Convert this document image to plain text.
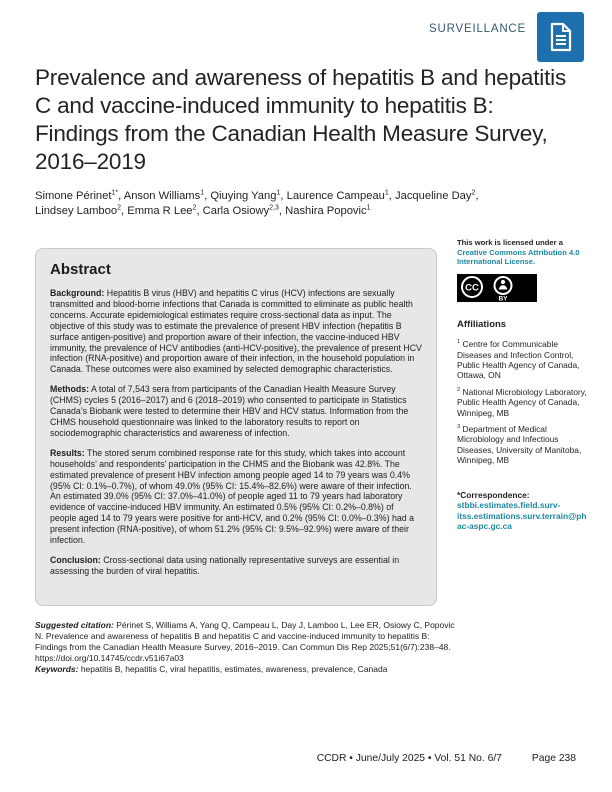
SURVEILLANCE
Prevalence and awareness of hepatitis B and hepatitis C and vaccine-induced immunity to hepatitis B: Findings from the Canadian Health Measure Survey, 2016–2019
Simone Périnet$^{1*}$, Anson Williams$^1$, Qiuying Yang$^1$, Laurence Campeau$^1$, Jacqueline Day$^2$,
Lindsey Lamboo$^2$, Emma R Lee$^2$, Carla Osiowy$^{2,3}$, Nashira Popovic$^1$
Abstract

Background: Hepatitis B virus (HBV) and hepatitis C virus (HCV) infections are sexually transmitted and blood-borne infections that Canada is committed to eliminate as public health concerns. Accurate epidemiological estimates require cross-sectional data as input. The objective of this study was to estimate the prevalence of present HBV infection (hepatitis B surface antigen-positive) and proportion aware of their infection, the vaccine-induced HBV immunity, the prevalence of HCV antibodies (anti-HCV-positive), the prevalence of present HCV infection (RNA-positive) and proportion aware of their infection, in the household population in Canada. These outcomes were also examined by selected demographic characteristics.

Methods: A total of 7,543 sera from participants of the Canadian Health Measure Survey (CHMS) cycles 5 (2016–2017) and 6 (2018–2019) who consented to participate in Statistics Canada’s Biobank were tested to determine their HBV and HCV status. Information from the CHMS household questionnaire was linked to the laboratory results to report on sociodemographic characteristics and awareness of infection.

Results: The stored serum combined response rate for this study, which takes into account households’ and respondents’ participation in the CHMS and the Biobank was 42.8%. The estimated prevalence of present HBV infection among people aged 14 to 79 years was 0.4% (95% CI: 0.1%–0.7%), of whom 49.0% (95% CI: 15.4%–82.6%) were aware of their infection. An estimated 39.0% (95% CI: 37.0%–41.0%) of people aged 11 to 79 years had laboratory evidence of vaccine-induced HBV immunity. An estimated 0.5% (95% CI: 0.2%–0.8%) of people aged 14 to 79 years were positive for anti-HCV, and 0.2% (95% CI: 0.0%–0.3%) had a present infection (RNA-positive), of whom 51.2% (95% CI: 9.5%–92.9%) were aware of their infection.

Conclusion: Cross-sectional data using nationally representative surveys are essential in assessing the burden of viral hepatitis.

This work is licensed under a Creative Commons Attribution 4.0 International License.
CC
BY
Affiliations
$^1$ Centre for Communicable Diseases and Infection Control, Public Health Agency of Canada, Ottawa, ON
$^2$ National Microbiology Laboratory, Public Health Agency of Canada, Winnipeg, MB
$^3$ Department of Medical Microbiology and Infectious Diseases, University of Manitoba, Winnipeg, MB
*Correspondence:
stbbi.estimates.field.surv-itss.estimations.surv.terrain@phac-aspc.gc.ca
Suggested citation: Périnet S, Williams A, Yang Q, Campeau L, Day J, Lamboo L, Lee ER, Osiowy C, Popovic N. Prevalence and awareness of hepatitis B and hepatitis C and vaccine-induced immunity to hepatitis B: Findings from the Canadian Health Measure Survey, 2016–2019. Can Commun Dis Rep 2025;51(6/7):238–48.
https://doi.org/10.14745/ccdr.v51i67a03
Keywords: hepatitis B, hepatitis C, viral hepatitis, estimates, awareness, prevalence, Canada
CCDR • June/July 2025 • Vol. 51 No. 6/7	Page 238
